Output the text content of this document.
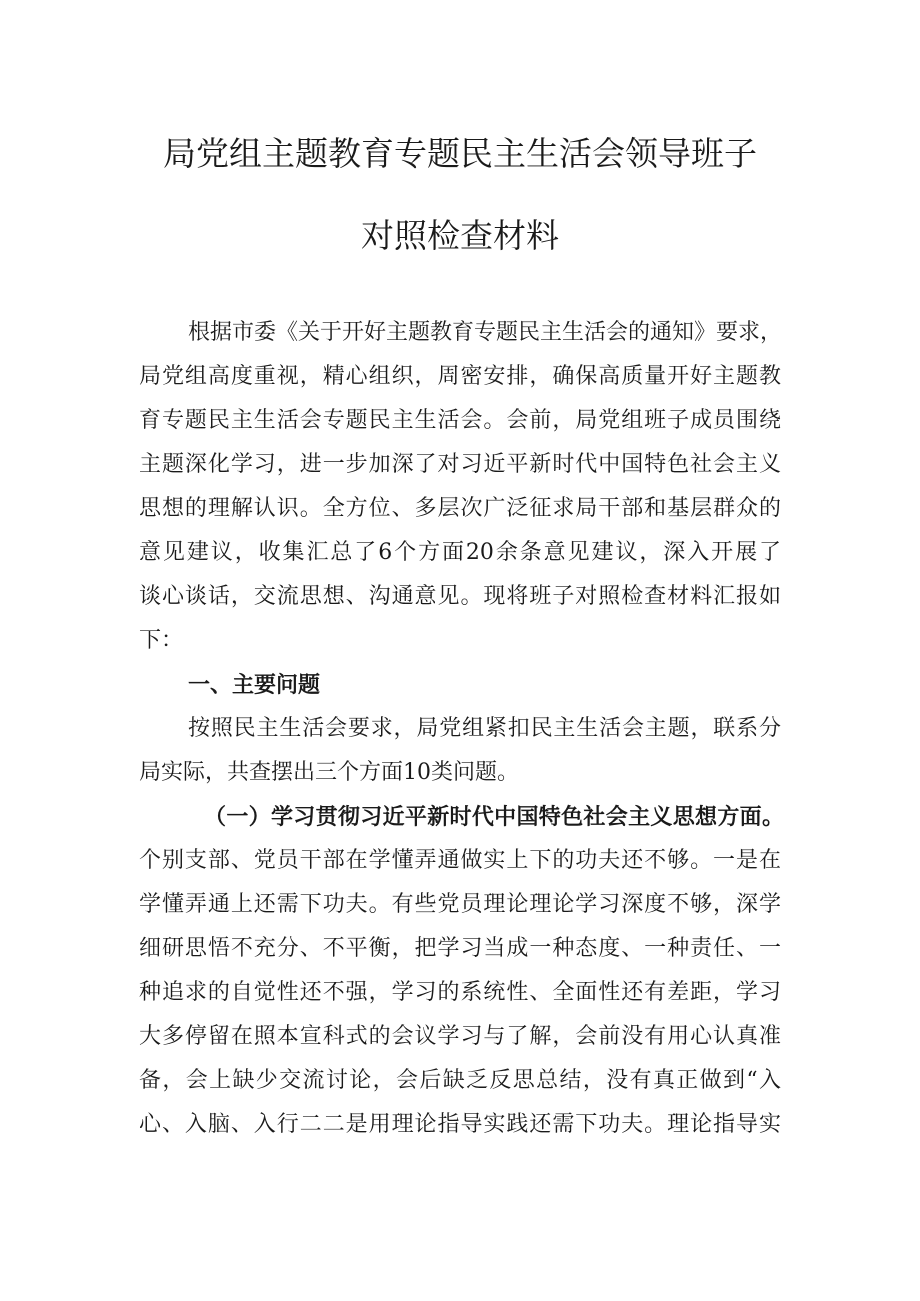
局党组主题教育专题民主生活会领导班子
对照检查材料
根据市委《关于开好主题教育专题民主生活会的通知》要求，
局党组高度重视，精心组织，周密安排，确保高质量开好主题教
育专题民主生活会专题民主生活会。会前，局党组班子成员围绕
主题深化学习，进一步加深了对习近平新时代中国特色社会主义
思想的理解认识。全方位、多层次广泛征求局干部和基层群众的
意见建议，收集汇总了6个方面20余条意见建议，深入开展了
谈心谈话，交流思想、沟通意见。现将班子对照检查材料汇报如
下：
一、主要问题
按照民主生活会要求，局党组紧扣民主生活会主题，联系分
局实际，共查摆出三个方面10类问题。
（一）学习贯彻习近平新时代中国特色社会主义思想方面。
个别支部、党员干部在学懂弄通做实上下的功夫还不够。一是在
学懂弄通上还需下功夫。有些党员理论理论学习深度不够，深学
细研思悟不充分、不平衡，把学习当成一种态度、一种责任、一
种追求的自觉性还不强，学习的系统性、全面性还有差距，学习
大多停留在照本宣科式的会议学习与了解，会前没有用心认真准
备，会上缺少交流讨论，会后缺乏反思总结，没有真正做到“入
心、入脑、入行二二是用理论指导实践还需下功夫。理论指导实
